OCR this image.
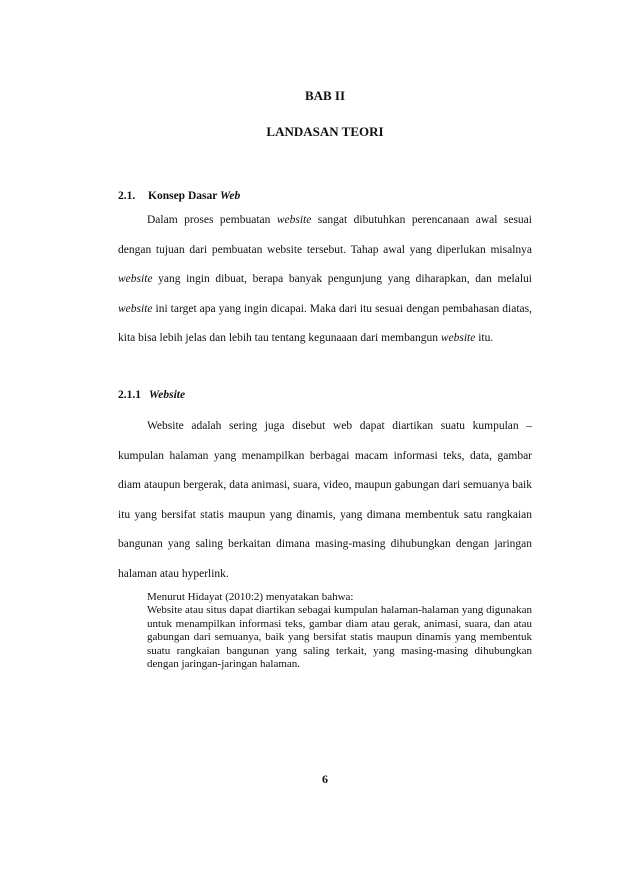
BAB II
LANDASAN TEORI
2.1. Konsep Dasar Web

Dalam proses pembuatan website sangat dibutuhkan perencanaan awal sesuai dengan tujuan dari pembuatan website tersebut. Tahap awal yang diperlukan misalnya website yang ingin dibuat, berapa banyak pengunjung yang diharapkan, dan melalui website ini target apa yang ingin dicapai. Maka dari itu sesuai dengan pembahasan diatas, kita bisa lebih jelas dan lebih tau tentang kegunaaan dari membangun website itu.

2.1.1 Website

Website adalah sering juga disebut web dapat diartikan suatu kumpulan – kumpulan halaman yang menampilkan berbagai macam informasi teks, data, gambar diam ataupun bergerak, data animasi, suara, video, maupun gabungan dari semuanya baik itu yang bersifat statis maupun yang dinamis, yang dimana membentuk satu rangkaian bangunan yang saling berkaitan dimana masing-masing dihubungkan dengan jaringan halaman atau hyperlink.

Menurut Hidayat (2010:2) menyatakan bahwa:
Website atau situs dapat diartikan sebagai kumpulan halaman-halaman yang digunakan untuk menampilkan informasi teks, gambar diam atau gerak, animasi, suara, dan atau gabungan dari semuanya, baik yang bersifat statis maupun dinamis yang membentuk suatu rangkaian bangunan yang saling terkait, yang masing-masing dihubungkan dengan jaringan-jaringan halaman.
6
